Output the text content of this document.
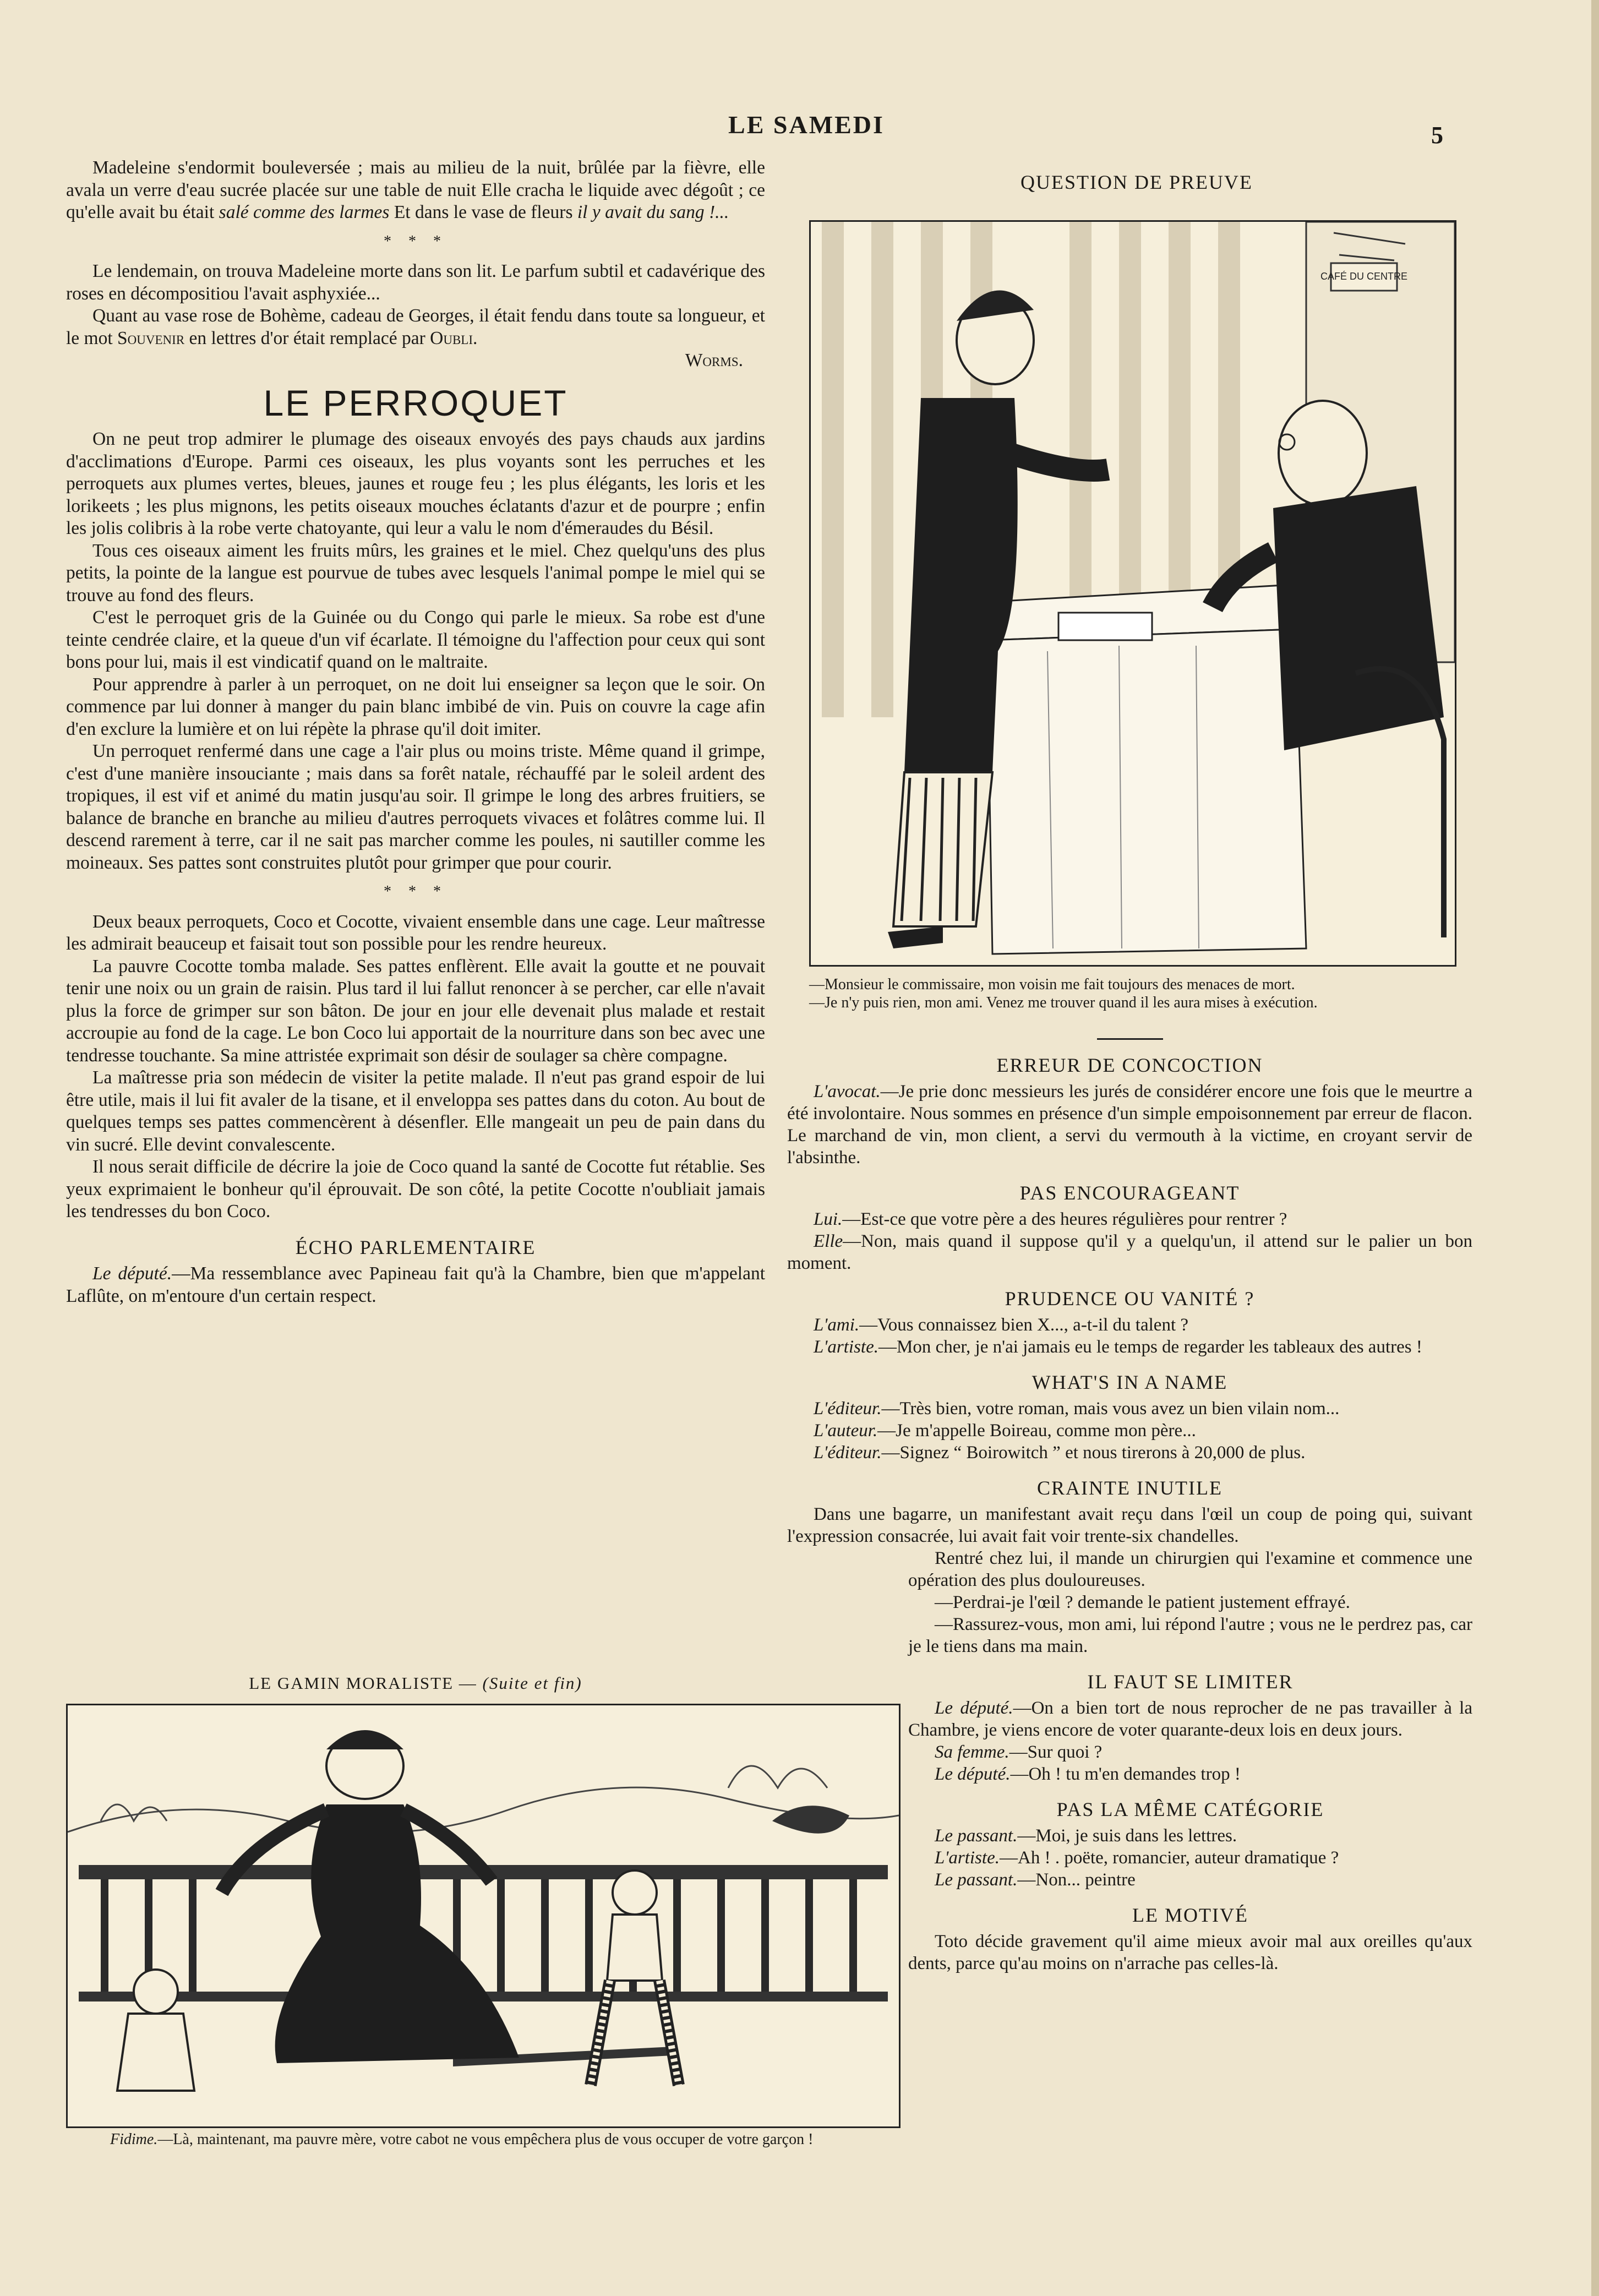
LE SAMEDI	5

Madeleine s'endormit bouleversée ; mais au milieu de la nuit, brûlée par la fièvre, elle avala un verre d'eau sucrée placée sur une table de nuit Elle cracha le liquide avec dégoût ; ce qu'elle avait bu était salé comme des larmes Et dans le vase de fleurs il y avait du sang !...

* * *

Le lendemain, on trouva Madeleine morte dans son lit. Le parfum subtil et cadavérique des roses en décompositiou l'avait asphyxiée...

Quant au vase rose de Bohème, cadeau de Georges, il était fendu dans toute sa longueur, et le mot Souvenir en lettres d'or était remplacé par Oubli.

Worms.
LE PERROQUET

On ne peut trop admirer le plumage des oiseaux envoyés des pays chauds aux jardins d'acclimations d'Europe. Parmi ces oiseaux, les plus voyants sont les perruches et les perroquets aux plumes vertes, bleues, jaunes et rouge feu ; les plus élégants, les loris et les lorikeets ; les plus mignons, les petits oiseaux mouches éclatants d'azur et de pourpre ; enfin les jolis colibris à la robe verte chatoyante, qui leur a valu le nom d'émeraudes du Bésil.

Tous ces oiseaux aiment les fruits mûrs, les graines et le miel. Chez quelqu'uns des plus petits, la pointe de la langue est pourvue de tubes avec lesquels l'animal pompe le miel qui se trouve au fond des fleurs.

C'est le perroquet gris de la Guinée ou du Congo qui parle le mieux. Sa robe est d'une teinte cendrée claire, et la queue d'un vif écarlate. Il témoigne du l'affection pour ceux qui sont bons pour lui, mais il est vindicatif quand on le maltraite.

Pour apprendre à parler à un perroquet, on ne doit lui enseigner sa leçon que le soir. On commence par lui donner à manger du pain blanc imbibé de vin. Puis on couvre la cage afin d'en exclure la lumière et on lui répète la phrase qu'il doit imiter.

Un perroquet renfermé dans une cage a l'air plus ou moins triste. Même quand il grimpe, c'est d'une manière insouciante ; mais dans sa forêt natale, réchauffé par le soleil ardent des tropiques, il est vif et animé du matin jusqu'au soir. Il grimpe le long des arbres fruitiers, se balance de branche en branche au milieu d'autres perroquets vivaces et folâtres comme lui. Il descend rarement à terre, car il ne sait pas marcher comme les poules, ni sautiller comme les moineaux. Ses pattes sont construites plutôt pour grimper que pour courir.

* * *

Deux beaux perroquets, Coco et Cocotte, vivaient ensemble dans une cage. Leur maîtresse les admirait beauceup et faisait tout son possible pour les rendre heureux.

La pauvre Cocotte tomba malade. Ses pattes enflèrent. Elle avait la goutte et ne pouvait tenir une noix ou un grain de raisin. Plus tard il lui fallut renoncer à se percher, car elle n'avait plus la force de grimper sur son bâton. De jour en jour elle devenait plus malade et restait accroupie au fond de la cage. Le bon Coco lui apportait de la nourriture dans son bec avec une tendresse touchante. Sa mine attristée exprimait son désir de soulager sa chère compagne.

La maîtresse pria son médecin de visiter la petite malade. Il n'eut pas grand espoir de lui être utile, mais il lui fit avaler de la tisane, et il enveloppa ses pattes dans du coton. Au bout de quelques temps ses pattes commencèrent à désenfler. Elle mangeait un peu de pain dans du vin sucré. Elle devint convalescente.

Il nous serait difficile de décrire la joie de Coco quand la santé de Cocotte fut rétablie. Ses yeux exprimaient le bonheur qu'il éprouvait. De son côté, la petite Cocotte n'oubliait jamais les tendresses du bon Coco.

ÉCHO PARLEMENTAIRE

Le député.—Ma ressemblance avec Papineau fait qu'à la Chambre, bien que m'appelant Laflûte, on m'entoure d'un certain respect.

LE GAMIN MORALISTE — (Suite et fin)

Fidime.—Là, maintenant, ma pauvre mère, votre cabot ne vous empêchera plus de vous occuper de votre garçon !

QUESTION DE PREUVE
CAFÉ DU CENTRE

—Monsieur le commissaire, mon voisin me fait toujours des menaces de mort.

—Je n'y puis rien, mon ami. Venez me trouver quand il les aura mises à exécution.

ERREUR DE CONCOCTION

L'avocat.—Je prie donc messieurs les jurés de considérer encore une fois que le meurtre a été involontaire. Nous sommes en présence d'un simple empoisonnement par erreur de flacon. Le marchand de vin, mon client, a servi du vermouth à la victime, en croyant servir de l'absinthe.

PAS ENCOURAGEANT

Lui.—Est-ce que votre père a des heures régulières pour rentrer ?

Elle—Non, mais quand il suppose qu'il y a quelqu'un, il attend sur le palier un bon moment.

PRUDENCE OU VANITÉ ?

L'ami.—Vous connaissez bien X..., a-t-il du talent ?

L'artiste.—Mon cher, je n'ai jamais eu le temps de regarder les tableaux des autres !

WHAT'S IN A NAME

L'éditeur.—Très bien, votre roman, mais vous avez un bien vilain nom...

L'auteur.—Je m'appelle Boireau, comme mon père...

L'éditeur.—Signez “ Boirowitch ” et nous tirerons à 20,000 de plus.

CRAINTE INUTILE

Dans une bagarre, un manifestant avait reçu dans l'œil un coup de poing qui, suivant l'expression consacrée, lui avait fait voir trente-six chandelles.

Rentré chez lui, il mande un chirurgien qui l'examine et commence une opération des plus douloureuses.

—Perdrai-je l'œil ? demande le patient justement effrayé.

—Rassurez-vous, mon ami, lui répond l'autre ; vous ne le perdrez pas, car je le tiens dans ma main.

IL FAUT SE LIMITER

Le député.—On a bien tort de nous reprocher de ne pas travailler à la Chambre, je viens encore de voter quarante-deux lois en deux jours.

Sa femme.—Sur quoi ?

Le député.—Oh ! tu m'en demandes trop !

PAS LA MÊME CATÉGORIE

Le passant.—Moi, je suis dans les lettres.

L'artiste.—Ah ! . poëte, romancier, auteur dramatique ?

Le passant.—Non... peintre

LE MOTIVÉ

Toto décide gravement qu'il aime mieux avoir mal aux oreilles qu'aux dents, parce qu'au moins on n'arrache pas celles-là.
